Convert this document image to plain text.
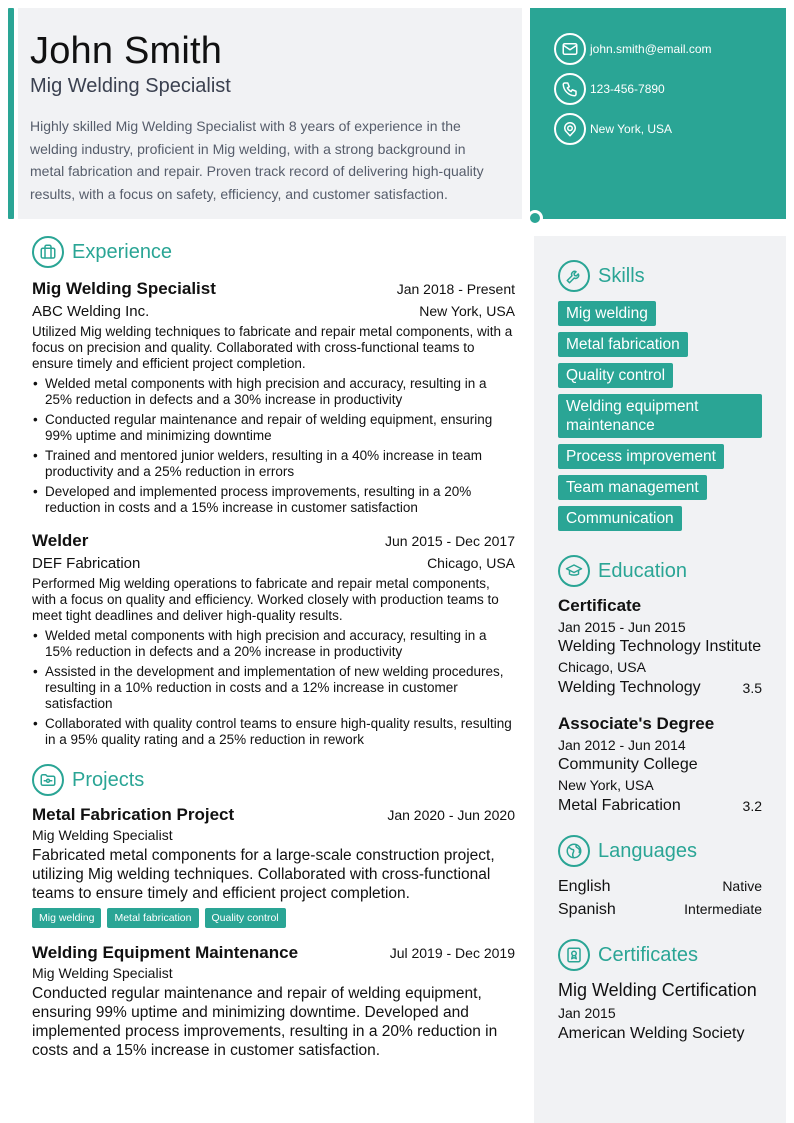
John Smith
Mig Welding Specialist
Highly skilled Mig Welding Specialist with 8 years of experience in the welding industry, proficient in Mig welding, with a strong background in metal fabrication and repair. Proven track record of delivering high-quality results, with a focus on safety, efficiency, and customer satisfaction.
john.smith@email.com
123-456-7890
New York, USA
Experience
Mig Welding Specialist	Jan 2018 - Present
ABC Welding Inc.	New York, USA
Utilized Mig welding techniques to fabricate and repair metal components, with a focus on precision and quality. Collaborated with cross-functional teams to ensure timely and efficient project completion.
• Welded metal components with high precision and accuracy, resulting in a 25% reduction in defects and a 30% increase in productivity
• Conducted regular maintenance and repair of welding equipment, ensuring 99% uptime and minimizing downtime
• Trained and mentored junior welders, resulting in a 40% increase in team productivity and a 25% reduction in errors
• Developed and implemented process improvements, resulting in a 20% reduction in costs and a 15% increase in customer satisfaction
Welder	Jun 2015 - Dec 2017
DEF Fabrication	Chicago, USA
Performed Mig welding operations to fabricate and repair metal components, with a focus on quality and efficiency. Worked closely with production teams to meet tight deadlines and deliver high-quality results.
• Welded metal components with high precision and accuracy, resulting in a 15% reduction in defects and a 20% increase in productivity
• Assisted in the development and implementation of new welding procedures, resulting in a 10% reduction in costs and a 12% increase in customer satisfaction
• Collaborated with quality control teams to ensure high-quality results, resulting in a 95% quality rating and a 25% reduction in rework
Projects
Metal Fabrication Project	Jan 2020 - Jun 2020
Mig Welding Specialist
Fabricated metal components for a large-scale construction project, utilizing Mig welding techniques. Collaborated with cross-functional teams to ensure timely and efficient project completion.
Mig welding	Metal fabrication	Quality control
Welding Equipment Maintenance	Jul 2019 - Dec 2019
Mig Welding Specialist
Conducted regular maintenance and repair of welding equipment, ensuring 99% uptime and minimizing downtime. Developed and implemented process improvements, resulting in a 20% reduction in costs and a 15% increase in customer satisfaction.
Skills
Mig welding
Metal fabrication
Quality control
Welding equipment maintenance
Process improvement
Team management
Communication
Education
Certificate
Jan 2015 - Jun 2015
Welding Technology Institute
Chicago, USA
Welding Technology	3.5
Associate's Degree
Jan 2012 - Jun 2014
Community College
New York, USA
Metal Fabrication	3.2
Languages
English	Native
Spanish	Intermediate
Certificates
Mig Welding Certification
Jan 2015
American Welding Society
